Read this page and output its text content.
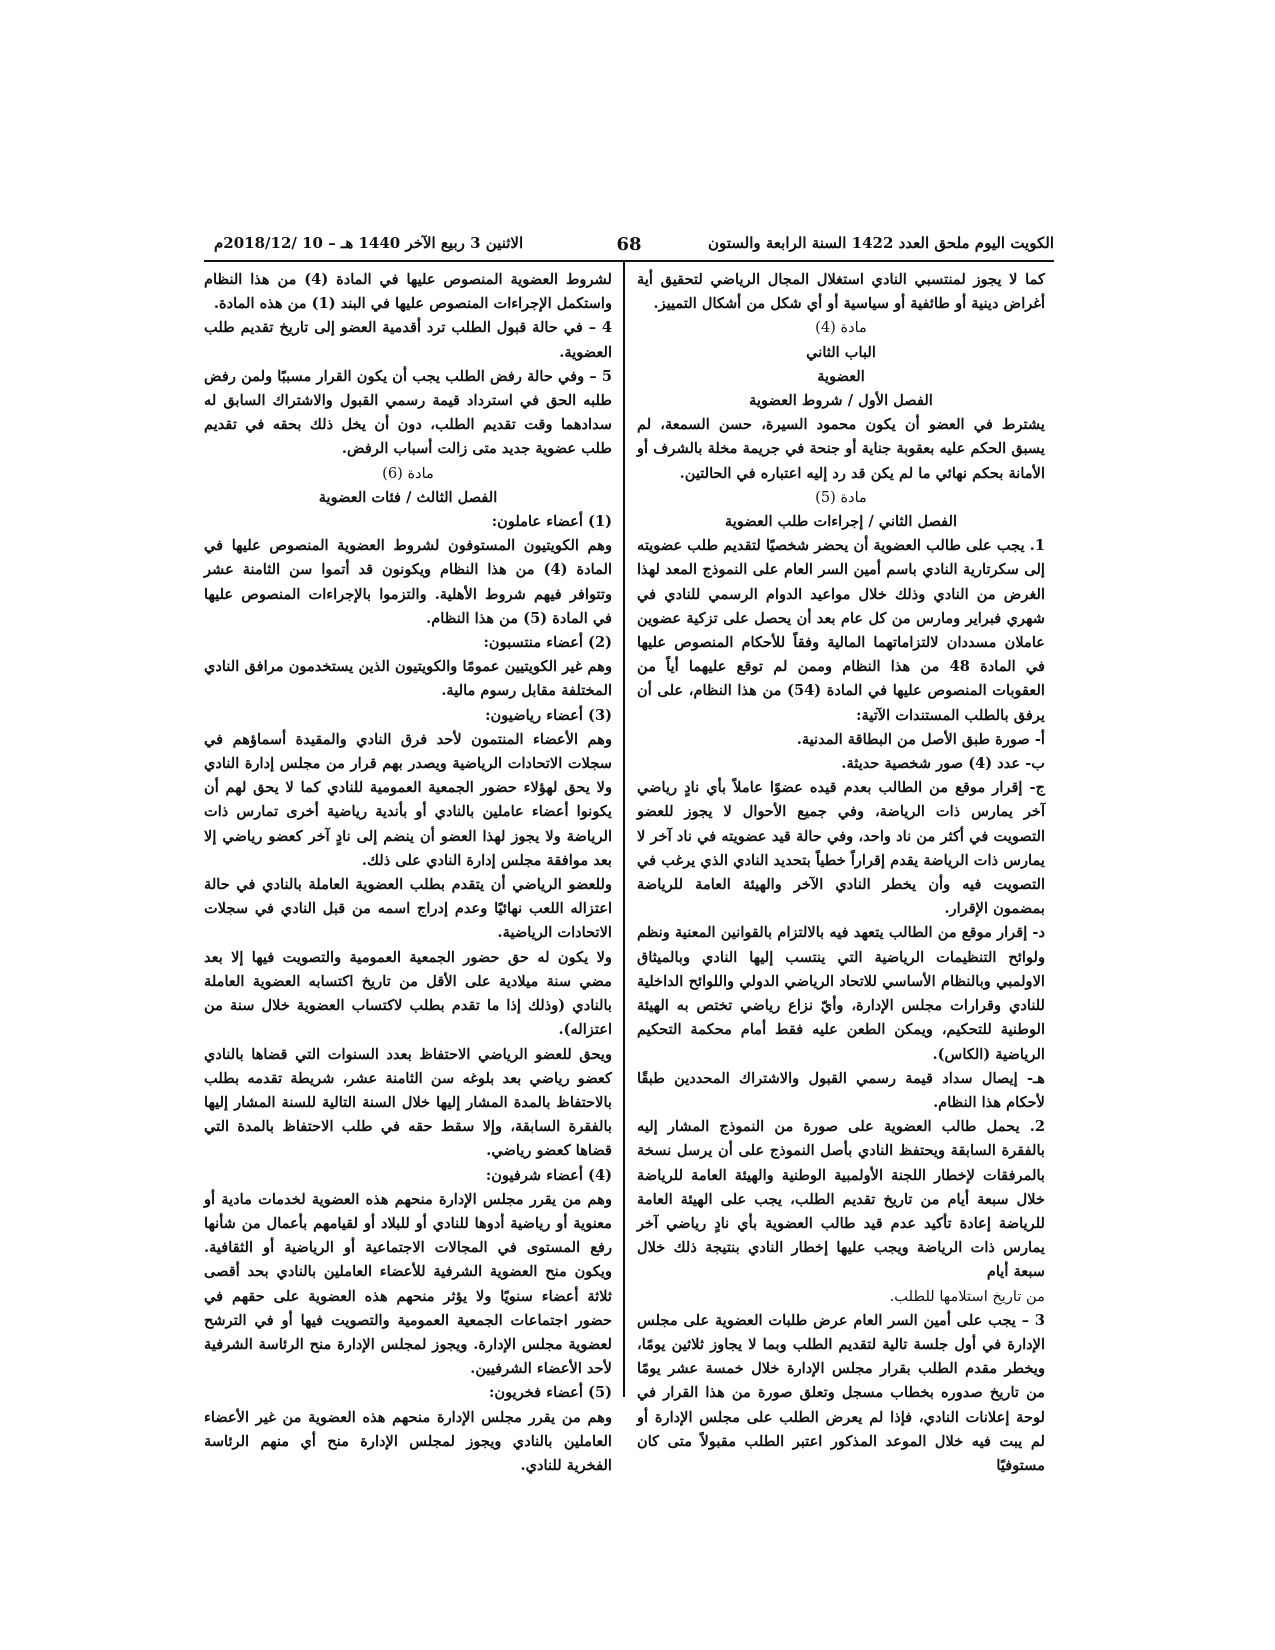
الكويت اليوم ملحق العدد 1422 السنة الرابعة والستون
68
الاثنين 3 ربيع الآخر 1440 هـ – 10 /2018/12م

كما لا يجوز لمنتسبي النادي استغلال المجال الرياضي لتحقيق أية أغراض دينية أو طائفية أو سياسية أو أي شكل من أشكال التمييز.

مادة (4)

الباب الثاني

العضوية

الفصل الأول / شروط العضوية

يشترط في العضو أن يكون محمود السيرة، حسن السمعة، لم يسبق الحكم عليه بعقوبة جناية أو جنحة في جريمة مخلة بالشرف أو الأمانة بحكم نهائي ما لم يكن قد رد إليه اعتباره في الحالتين.

مادة (5)

الفصل الثاني / إجراءات طلب العضوية

1. يجب على طالب العضوية أن يحضر شخصيًا لتقديم طلب عضويته إلى سكرتارية النادي باسم أمين السر العام على النموذج المعد لهذا الغرض من النادي وذلك خلال مواعيد الدوام الرسمي للنادي في شهري فبراير ومارس من كل عام بعد أن يحصل على تزكية عضوين عاملان مسددان لالتزاماتهما المالية وفقاً للأحكام المنصوص عليها في المادة 48 من هذا النظام وممن لم توقع عليهما أياً من العقوبات المنصوص عليها في المادة (54) من هذا النظام، على أن يرفق بالطلب المستندات الآتية:

أ- صورة طبق الأصل من البطاقة المدنية.

ب- عدد (4) صور شخصية حديثة.

ج- إقرار موقع من الطالب بعدم قيده عضوًا عاملاً بأي نادٍ رياضي آخر يمارس ذات الرياضة، وفي جميع الأحوال لا يجوز للعضو التصويت في أكثر من ناد واحد، وفي حالة قيد عضويته في ناد آخر لا يمارس ذات الرياضة يقدم إقراراً خطياً بتحديد النادي الذي يرغب في التصويت فيه وأن يخطر النادي الآخر والهيئة العامة للرياضة بمضمون الإقرار.

د- إقرار موقع من الطالب يتعهد فيه بالالتزام بالقوانين المعنية ونظم ولوائح التنظيمات الرياضية التي ينتسب إليها النادي وبالميثاق الاولمبي وبالنظام الأساسي للاتحاد الرياضي الدولي واللوائح الداخلية للنادي وقرارات مجلس الإدارة، وأيّ نزاع رياضي تختص به الهيئة الوطنية للتحكيم، ويمكن الطعن عليه فقط أمام محكمة التحكيم الرياضية (الكاس).

هـ- إيصال سداد قيمة رسمي القبول والاشتراك المحددين طبقًا لأحكام هذا النظام.

2. يحمل طالب العضوية على صورة من النموذج المشار إليه بالفقرة السابقة ويحتفظ النادي بأصل النموذج على أن يرسل نسخة بالمرفقات لإخطار اللجنة الأولمبية الوطنية والهيئة العامة للرياضة خلال سبعة أيام من تاريخ تقديم الطلب، يجب على الهيئة العامة للرياضة إعادة تأكيد عدم قيد طالب العضوية بأي نادٍ رياضي آخر يمارس ذات الرياضة ويجب عليها إخطار النادي بنتيجة ذلك خلال سبعة أيام

من تاريخ استلامها للطلب.

3 – يجب على أمين السر العام عرض طلبات العضوية على مجلس الإدارة في أول جلسة تالية لتقديم الطلب وبما لا يجاوز ثلاثين يومًا، ويخطر مقدم الطلب بقرار مجلس الإدارة خلال خمسة عشر يومًا من تاريخ صدوره بخطاب مسجل وتعلق صورة من هذا القرار في لوحة إعلانات النادي، فإذا لم يعرض الطلب على مجلس الإدارة أو لم يبت فيه خلال الموعد المذكور اعتبر الطلب مقبولاً متى كان مستوفيًا

لشروط العضوية المنصوص عليها في المادة (4) من هذا النظام واستكمل الإجراءات المنصوص عليها في البند (1) من هذه المادة.

4 – في حالة قبول الطلب ترد أقدمية العضو إلى تاريخ تقديم طلب العضوية.

5 – وفي حالة رفض الطلب يجب أن يكون القرار مسببًا ولمن رفض طلبه الحق في استرداد قيمة رسمي القبول والاشتراك السابق له سدادهما وقت تقديم الطلب، دون أن يخل ذلك بحقه في تقديم طلب عضوية جديد متى زالت أسباب الرفض.

مادة (6)

الفصل الثالث / فئات العضوية

(1) أعضاء عاملون:

وهم الكويتيون المستوفون لشروط العضوية المنصوص عليها في المادة (4) من هذا النظام ويكونون قد أتموا سن الثامنة عشر وتتوافر فيهم شروط الأهلية. والتزموا بالإجراءات المنصوص عليها في المادة (5) من هذا النظام.

(2) أعضاء منتسبون:

وهم غير الكويتيين عمومًا والكويتيون الذين يستخدمون مرافق النادي المختلفة مقابل رسوم مالية.

(3) أعضاء رياضيون:

وهم الأعضاء المنتمون لأحد فرق النادي والمقيدة أسماؤهم في سجلات الاتحادات الرياضية ويصدر بهم قرار من مجلس إدارة النادي ولا يحق لهؤلاء حضور الجمعية العمومية للنادي كما لا يحق لهم أن يكونوا أعضاء عاملين بالنادي أو بأندية رياضية أخرى تمارس ذات الرياضة ولا يجوز لهذا العضو أن ينضم إلى نادٍ آخر كعضو رياضي إلا بعد موافقة مجلس إدارة النادي على ذلك.

وللعضو الرياضي أن يتقدم بطلب العضوية العاملة بالنادي في حالة اعتزاله اللعب نهائيًا وعدم إدراج اسمه من قبل النادي في سجلات الاتحادات الرياضية.

ولا يكون له حق حضور الجمعية العمومية والتصويت فيها إلا بعد مضي سنة ميلادية على الأقل من تاريخ اكتسابه العضوية العاملة بالنادي (وذلك إذا ما تقدم بطلب لاكتساب العضوية خلال سنة من اعتزاله).

ويحق للعضو الرياضي الاحتفاظ بعدد السنوات التي قضاها بالنادي كعضو رياضي بعد بلوغه سن الثامنة عشر، شريطة تقدمه بطلب بالاحتفاظ بالمدة المشار إليها خلال السنة التالية للسنة المشار إليها بالفقرة السابقة، وإلا سقط حقه في طلب الاحتفاظ بالمدة التي قضاها كعضو رياضي.

(4) أعضاء شرفيون:

وهم من يقرر مجلس الإدارة منحهم هذه العضوية لخدمات مادية أو معنوية أو رياضية أدوها للنادي أو للبلاد أو لقيامهم بأعمال من شأنها رفع المستوى في المجالات الاجتماعية أو الرياضية أو الثقافية. ويكون منح العضوية الشرفية للأعضاء العاملين بالنادي بحد أقصى ثلاثة أعضاء سنويًا ولا يؤثر منحهم هذه العضوية على حقهم في حضور اجتماعات الجمعية العمومية والتصويت فيها أو في الترشح لعضوية مجلس الإدارة. ويجوز لمجلس الإدارة منح الرئاسة الشرفية لأحد الأعضاء الشرفيين.

(5) أعضاء فخريون:

وهم من يقرر مجلس الإدارة منحهم هذه العضوية من غير الأعضاء العاملين بالنادي ويجوز لمجلس الإدارة منح أي منهم الرئاسة الفخرية للنادي.
